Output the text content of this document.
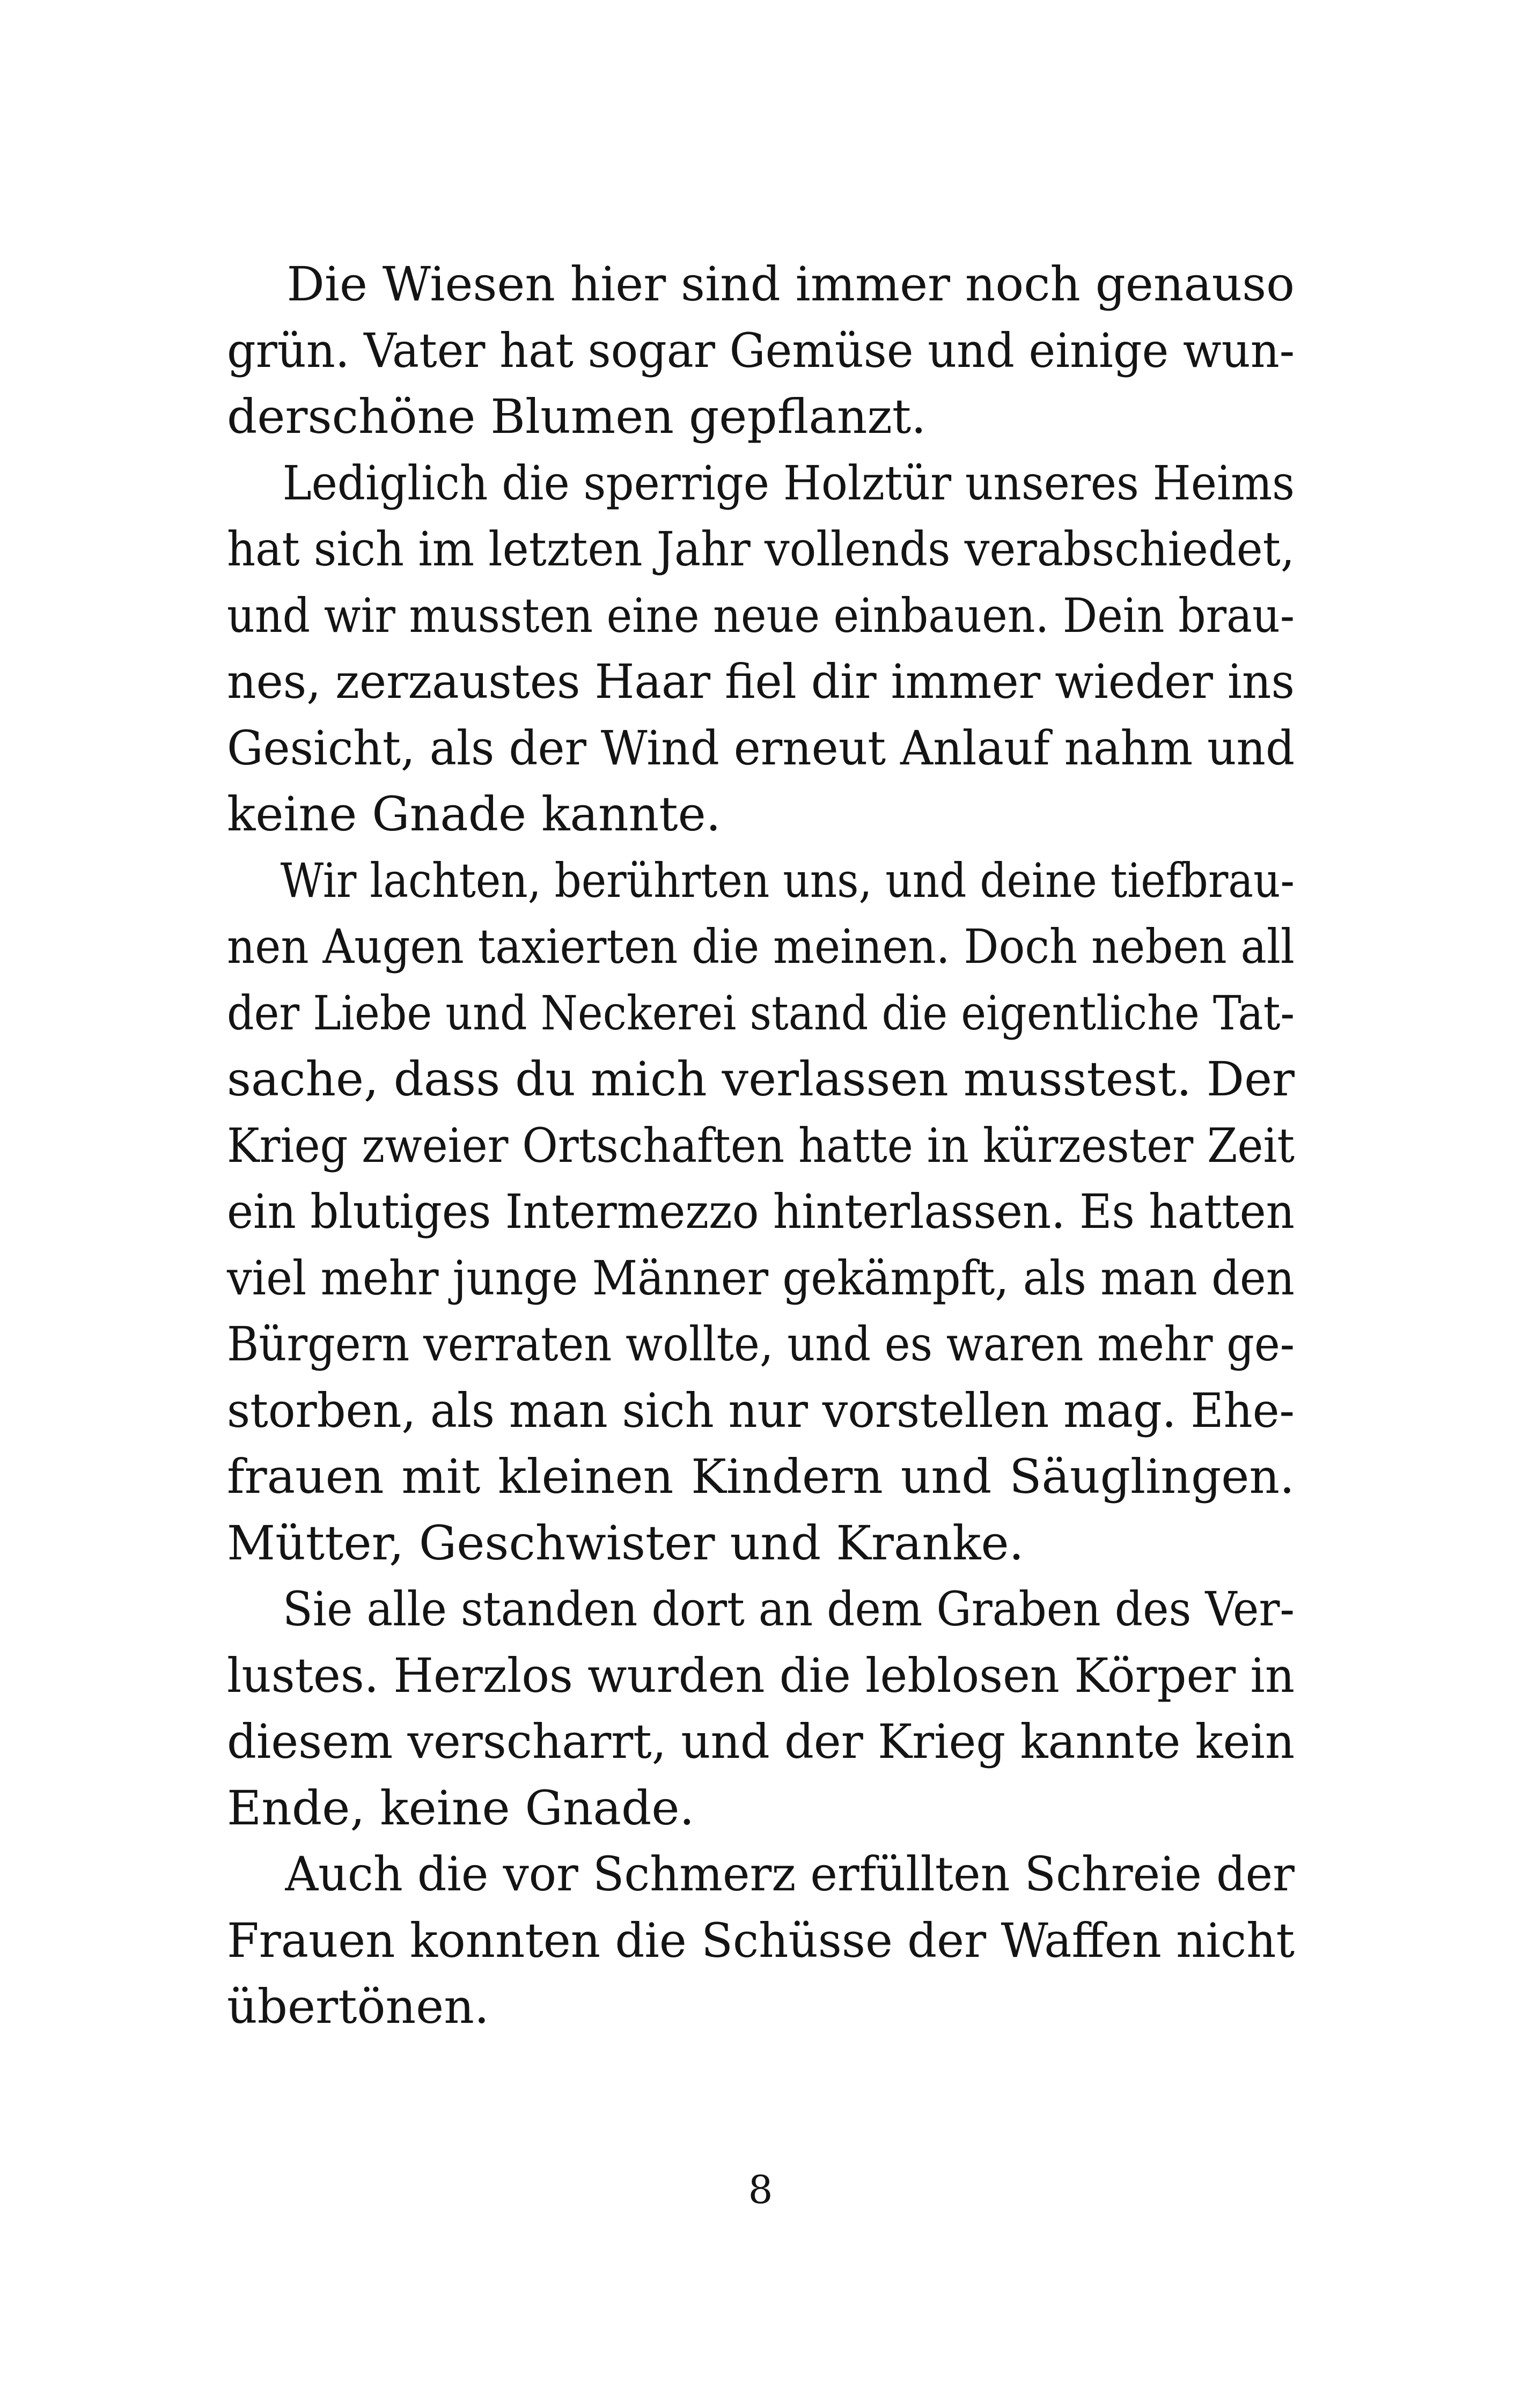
Die Wiesen hier sind immer noch genauso
grün. Vater hat sogar Gemüse und einige wun-
derschöne Blumen gepflanzt.
Lediglich die sperrige Holztür unseres Heims
hat sich im letzten Jahr vollends verabschiedet,
und wir mussten eine neue einbauen. Dein brau-
nes, zerzaustes Haar fiel dir immer wieder ins
Gesicht, als der Wind erneut Anlauf nahm und
keine Gnade kannte.
Wir lachten, berührten uns, und deine tiefbrau-
nen Augen taxierten die meinen. Doch neben all
der Liebe und Neckerei stand die eigentliche Tat-
sache, dass du mich verlassen musstest. Der
Krieg zweier Ortschaften hatte in kürzester Zeit
ein blutiges Intermezzo hinterlassen. Es hatten
viel mehr junge Männer gekämpft, als man den
Bürgern verraten wollte, und es waren mehr ge-
storben, als man sich nur vorstellen mag. Ehe-
frauen mit kleinen Kindern und Säuglingen.
Mütter, Geschwister und Kranke.
Sie alle standen dort an dem Graben des Ver-
lustes. Herzlos wurden die leblosen Körper in
diesem verscharrt, und der Krieg kannte kein
Ende, keine Gnade.
Auch die vor Schmerz erfüllten Schreie der
Frauen konnten die Schüsse der Waffen nicht
übertönen.
8
